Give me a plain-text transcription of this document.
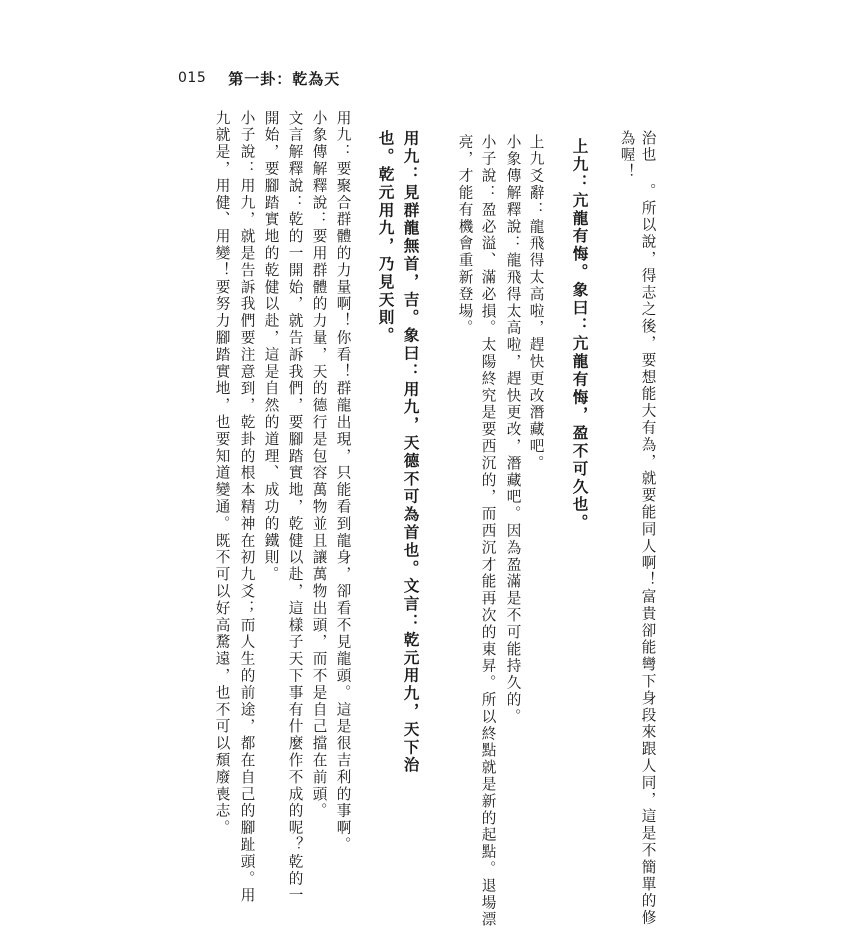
015 第一卦：乾為天
治也 。所以說，得志之後，要想能大有為，就要能同人啊！富貴卻能彎下身段來跟人同，這是不簡單的修
為喔！
上九：亢龍有悔。象曰：亢龍有悔，盈不可久也。
上九爻辭：龍飛得太高啦，趕快更改潛藏吧。
小象傳解釋說：龍飛得太高啦，趕快更改，潛藏吧。因為盈滿是不可能持久的。
小子說：盈必溢、滿必損。太陽終究是要西沉的，而西沉才能再次的東昇。所以終點就是新的起點。退場漂
亮，才能有機會重新登場。
用九：見群龍無首，吉。象曰：用九，天德不可為首也。文言：乾元用九，天下治
也。乾元用九，乃見天則。
用九：要聚合群體的力量啊！你看！群龍出現，只能看到龍身，卻看不見龍頭。這是很吉利的事啊。
小象傳解釋說：要用群體的力量，天的德行是包容萬物並且讓萬物出頭，而不是自己擋在前頭。
文言解釋說：乾的一開始，就告訴我們，要腳踏實地，乾健以赴，這樣子天下事有什麼作不成的呢？乾的一
開始，要腳踏實地的乾健以赴，這是自然的道理、成功的鐵則。
小子說：用九，就是告訴我們要注意到，乾卦的根本精神在初九爻；而人生的前途，都在自己的腳趾頭。用
九就是，用健、用變！要努力腳踏實地，也要知道變通。既不可以好高騖遠，也不可以頹廢喪志。
